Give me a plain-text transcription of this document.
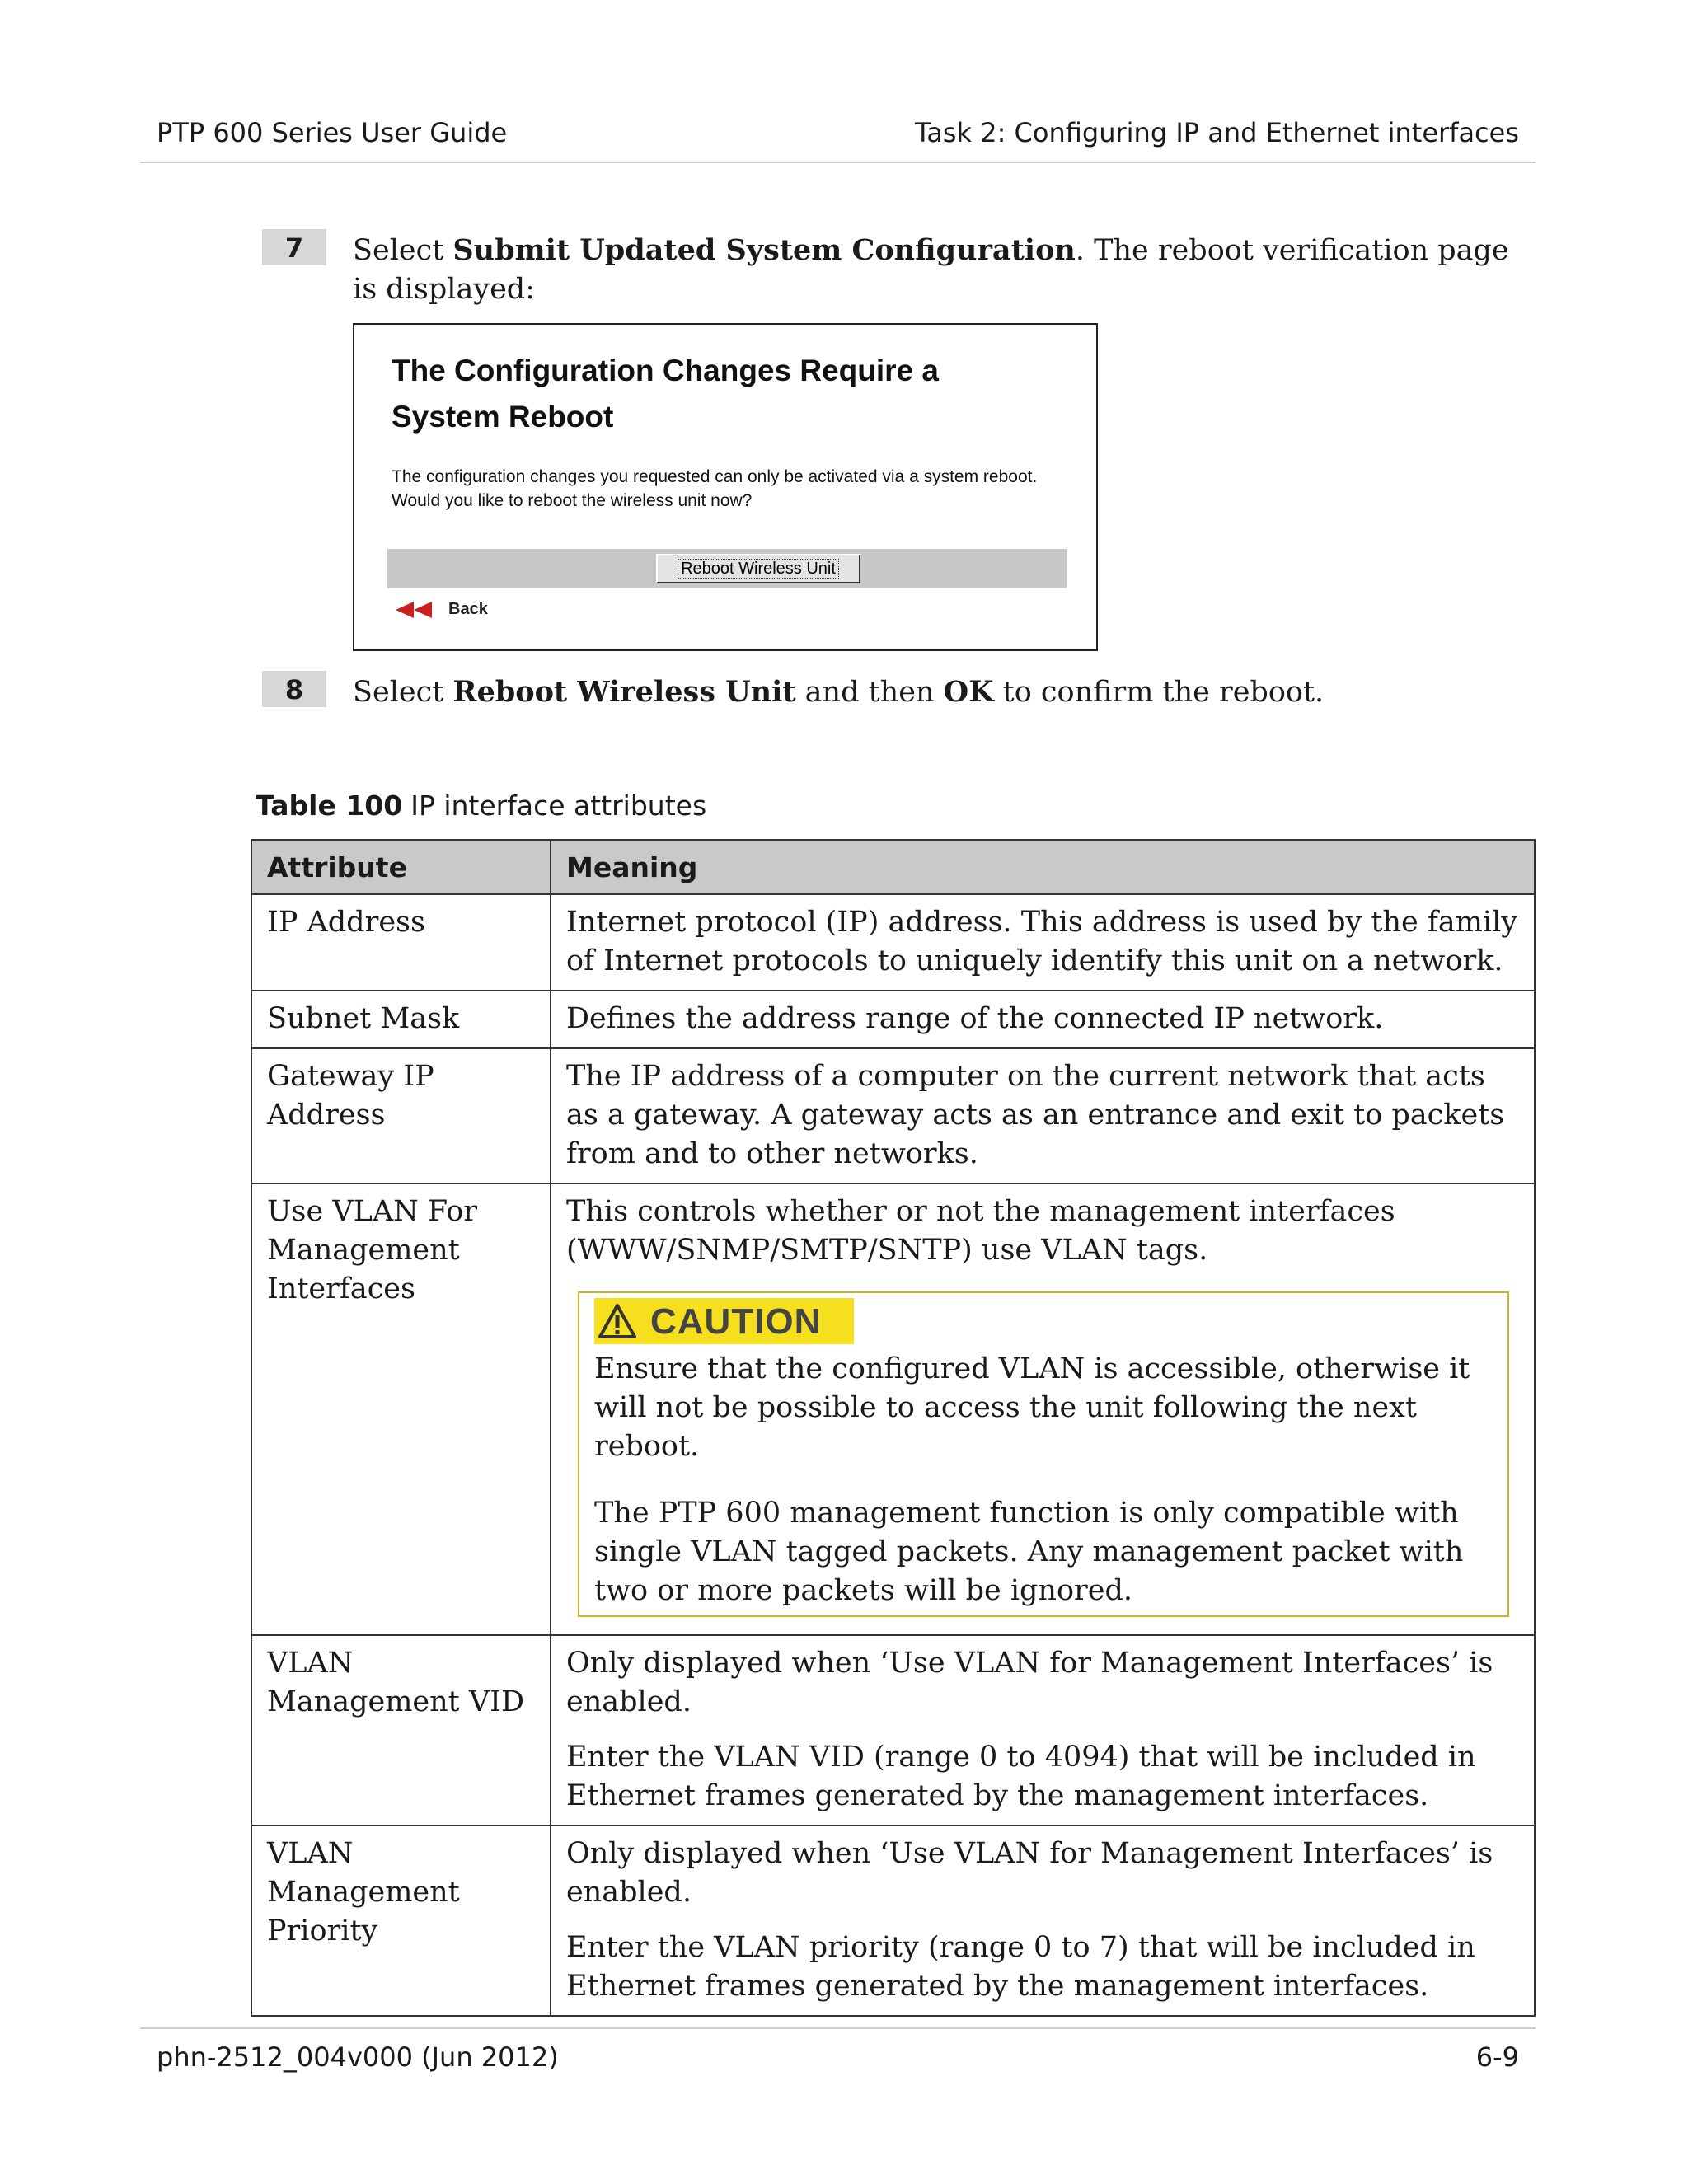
PTP 600 Series User Guide	Task 2: Configuring IP and Ethernet interfaces
7	Select Submit Updated System Configuration. The reboot verification page is displayed:
The Configuration Changes Require a System Reboot
The configuration changes you requested can only be activated via a system reboot. Would you like to reboot the wireless unit now?
Reboot Wireless Unit
Back
8	Select Reboot Wireless Unit and then OK to confirm the reboot.
Table 100 IP interface attributes
Attribute	Meaning
IP Address	Internet protocol (IP) address. This address is used by the family of Internet protocols to uniquely identify this unit on a network.

Subnet Mask	Defines the address range of the connected IP network.

Gateway IP Address	The IP address of a computer on the current network that acts as a gateway. A gateway acts as an entrance and exit to packets from and to other networks.

Use VLAN For Management Interfaces	This controls whether or not the management interfaces (WWW/SNMP/SMTP/SNTP) use VLAN tags.

CAUTION

Ensure that the configured VLAN is accessible, otherwise it will not be possible to access the unit following the next reboot.

The PTP 600 management function is only compatible with single VLAN tagged packets. Any management packet with two or more packets will be ignored.

VLAN Management VID	Only displayed when ‘Use VLAN for Management Interfaces’ is enabled.

Enter the VLAN VID (range 0 to 4094) that will be included in Ethernet frames generated by the management interfaces.

VLAN Management Priority	Only displayed when ‘Use VLAN for Management Interfaces’ is enabled.

Enter the VLAN priority (range 0 to 7) that will be included in Ethernet frames generated by the management interfaces.

phn-2512_004v000 (Jun 2012)	6-9
